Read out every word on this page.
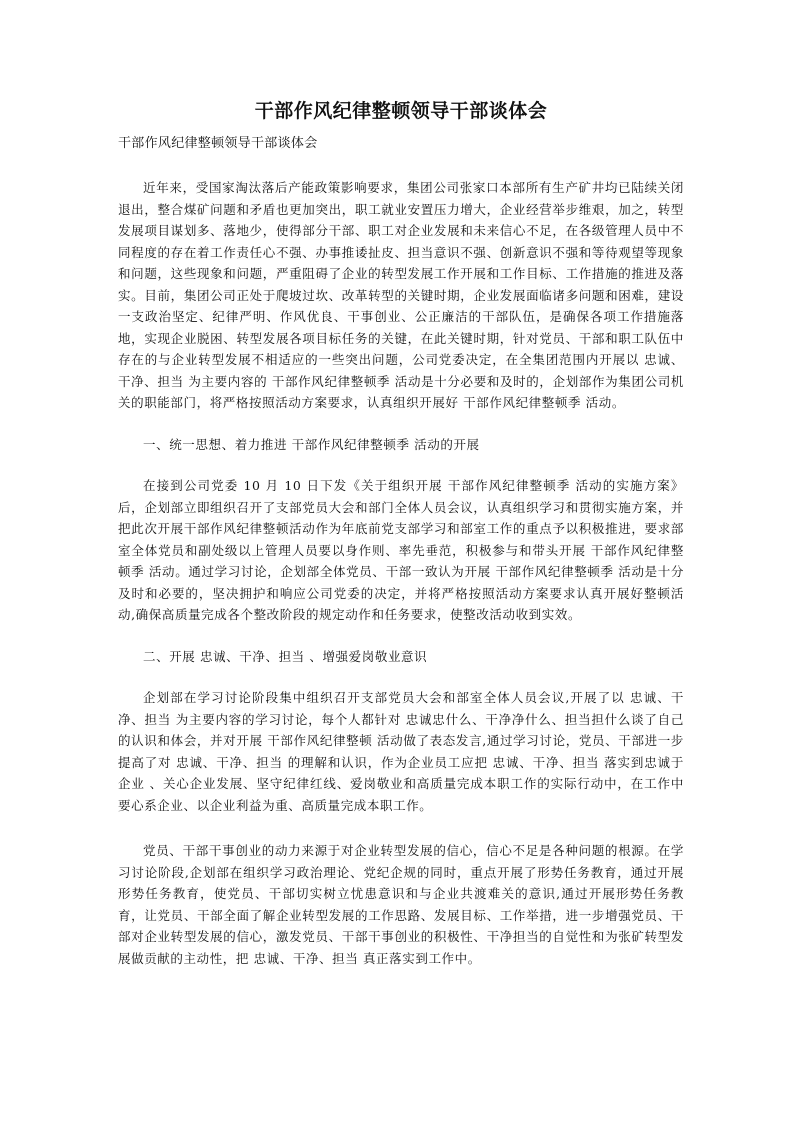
干部作风纪律整顿领导干部谈体会

干部作风纪律整顿领导干部谈体会

近年来，受国家淘汰落后产能政策影响要求，集团公司张家口本部所有生产矿井均已陆续关闭退出，整合煤矿问题和矛盾也更加突出，职工就业安置压力增大，企业经营举步维艰，加之，转型发展项目谋划多、落地少，使得部分干部、职工对企业发展和未来信心不足，在各级管理人员中不同程度的存在着工作责任心不强、办事推诿扯皮、担当意识不强、创新意识不强和等待观望等现象和问题，这些现象和问题，严重阻碍了企业的转型发展工作开展和工作目标、工作措施的推进及落实。目前，集团公司正处于爬坡过坎、改革转型的关键时期，企业发展面临诸多问题和困难，建设一支政治坚定、纪律严明、作风优良、干事创业、公正廉洁的干部队伍，是确保各项工作措施落地，实现企业脱困、转型发展各项目标任务的关键，在此关键时期，针对党员、干部和职工队伍中存在的与企业转型发展不相适应的一些突出问题，公司党委决定，在全集团范围内开展以 忠诚、干净、担当 为主要内容的 干部作风纪律整顿季 活动是十分必要和及时的，企划部作为集团公司机关的职能部门，将严格按照活动方案要求，认真组织开展好 干部作风纪律整顿季 活动。

一、统一思想、着力推进 干部作风纪律整顿季 活动的开展

在接到公司党委 10 月 10 日下发《关于组织开展 干部作风纪律整顿季 活动的实施方案》后，企划部立即组织召开了支部党员大会和部门全体人员会议，认真组织学习和贯彻实施方案，并把此次开展干部作风纪律整顿活动作为年底前党支部学习和部室工作的重点予以积极推进，要求部室全体党员和副处级以上管理人员要以身作则、率先垂范，积极参与和带头开展 干部作风纪律整顿季 活动。通过学习讨论，企划部全体党员、干部一致认为开展 干部作风纪律整顿季 活动是十分及时和必要的，坚决拥护和响应公司党委的决定，并将严格按照活动方案要求认真开展好整顿活动,确保高质量完成各个整改阶段的规定动作和任务要求，使整改活动收到实效。

二、开展 忠诚、干净、担当 、增强爱岗敬业意识

企划部在学习讨论阶段集中组织召开支部党员大会和部室全体人员会议,开展了以 忠诚、干净、担当 为主要内容的学习讨论，每个人都针对 忠诚忠什么、干净净什么、担当担什么谈了自己的认识和体会，并对开展 干部作风纪律整顿 活动做了表态发言,通过学习讨论，党员、干部进一步提高了对 忠诚、干净、担当 的理解和认识，作为企业员工应把 忠诚、干净、担当 落实到忠诚于企业 、关心企业发展、坚守纪律红线、爱岗敬业和高质量完成本职工作的实际行动中，在工作中要心系企业、以企业利益为重、高质量完成本职工作。

党员、干部干事创业的动力来源于对企业转型发展的信心，信心不足是各种问题的根源。在学习讨论阶段,企划部在组织学习政治理论、党纪企规的同时，重点开展了形势任务教育，通过开展形势任务教育，使党员、干部切实树立忧患意识和与企业共渡难关的意识,通过开展形势任务教育，让党员、干部全面了解企业转型发展的工作思路、发展目标、工作举措，进一步增强党员、干部对企业转型发展的信心，激发党员、干部干事创业的积极性、干净担当的自觉性和为张矿转型发展做贡献的主动性，把 忠诚、干净、担当 真正落实到工作中。
